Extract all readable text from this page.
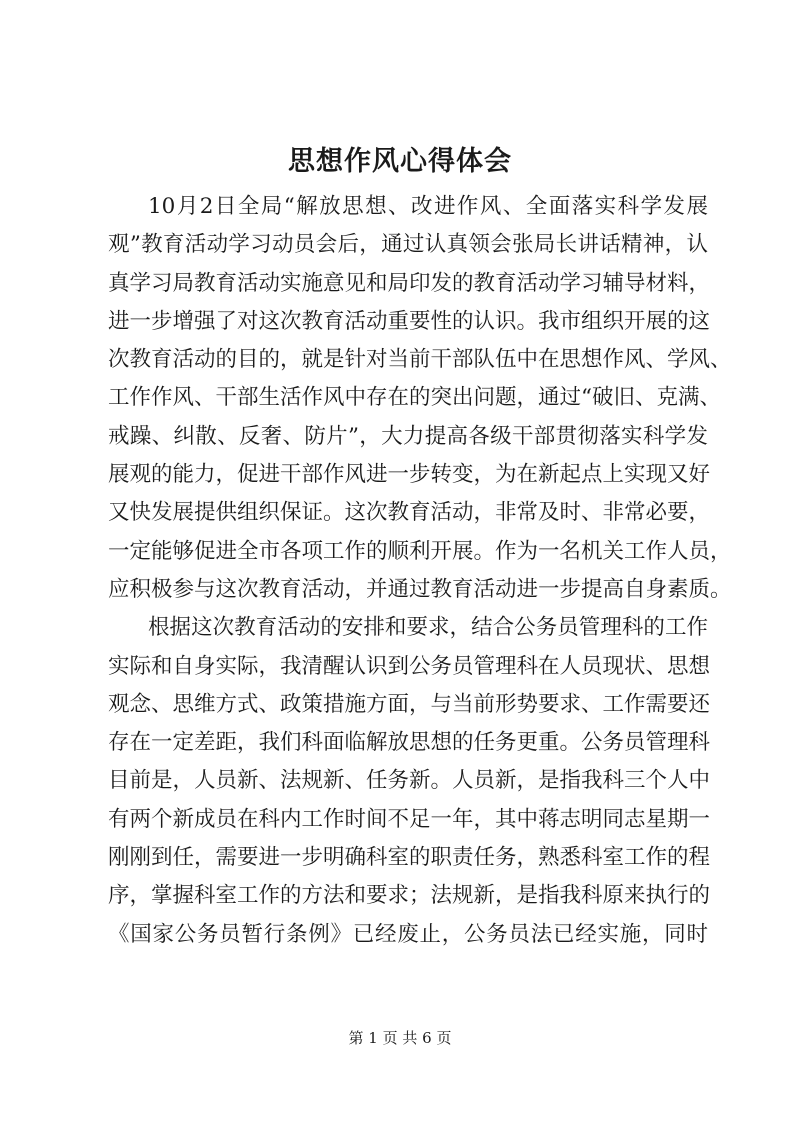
思想作风心得体会
10月2日全局“解放思想、改进作风、全面落实科学发展
观”教育活动学习动员会后，通过认真领会张局长讲话精神，认
真学习局教育活动实施意见和局印发的教育活动学习辅导材料，
进一步增强了对这次教育活动重要性的认识。我市组织开展的这
次教育活动的目的，就是针对当前干部队伍中在思想作风、学风、
工作作风、干部生活作风中存在的突出问题，通过“破旧、克满、
戒躁、纠散、反奢、防片”，大力提高各级干部贯彻落实科学发
展观的能力，促进干部作风进一步转变，为在新起点上实现又好
又快发展提供组织保证。这次教育活动，非常及时、非常必要，
一定能够促进全市各项工作的顺利开展。作为一名机关工作人员，
应积极参与这次教育活动，并通过教育活动进一步提高自身素质。
根据这次教育活动的安排和要求，结合公务员管理科的工作
实际和自身实际，我清醒认识到公务员管理科在人员现状、思想
观念、思维方式、政策措施方面，与当前形势要求、工作需要还
存在一定差距，我们科面临解放思想的任务更重。公务员管理科
目前是，人员新、法规新、任务新。人员新，是指我科三个人中
有两个新成员在科内工作时间不足一年，其中蒋志明同志星期一
刚刚到任，需要进一步明确科室的职责任务，熟悉科室工作的程
序，掌握科室工作的方法和要求；法规新，是指我科原来执行的
《国家公务员暂行条例》已经废止，公务员法已经实施，同时
第 1 页 共 6 页
